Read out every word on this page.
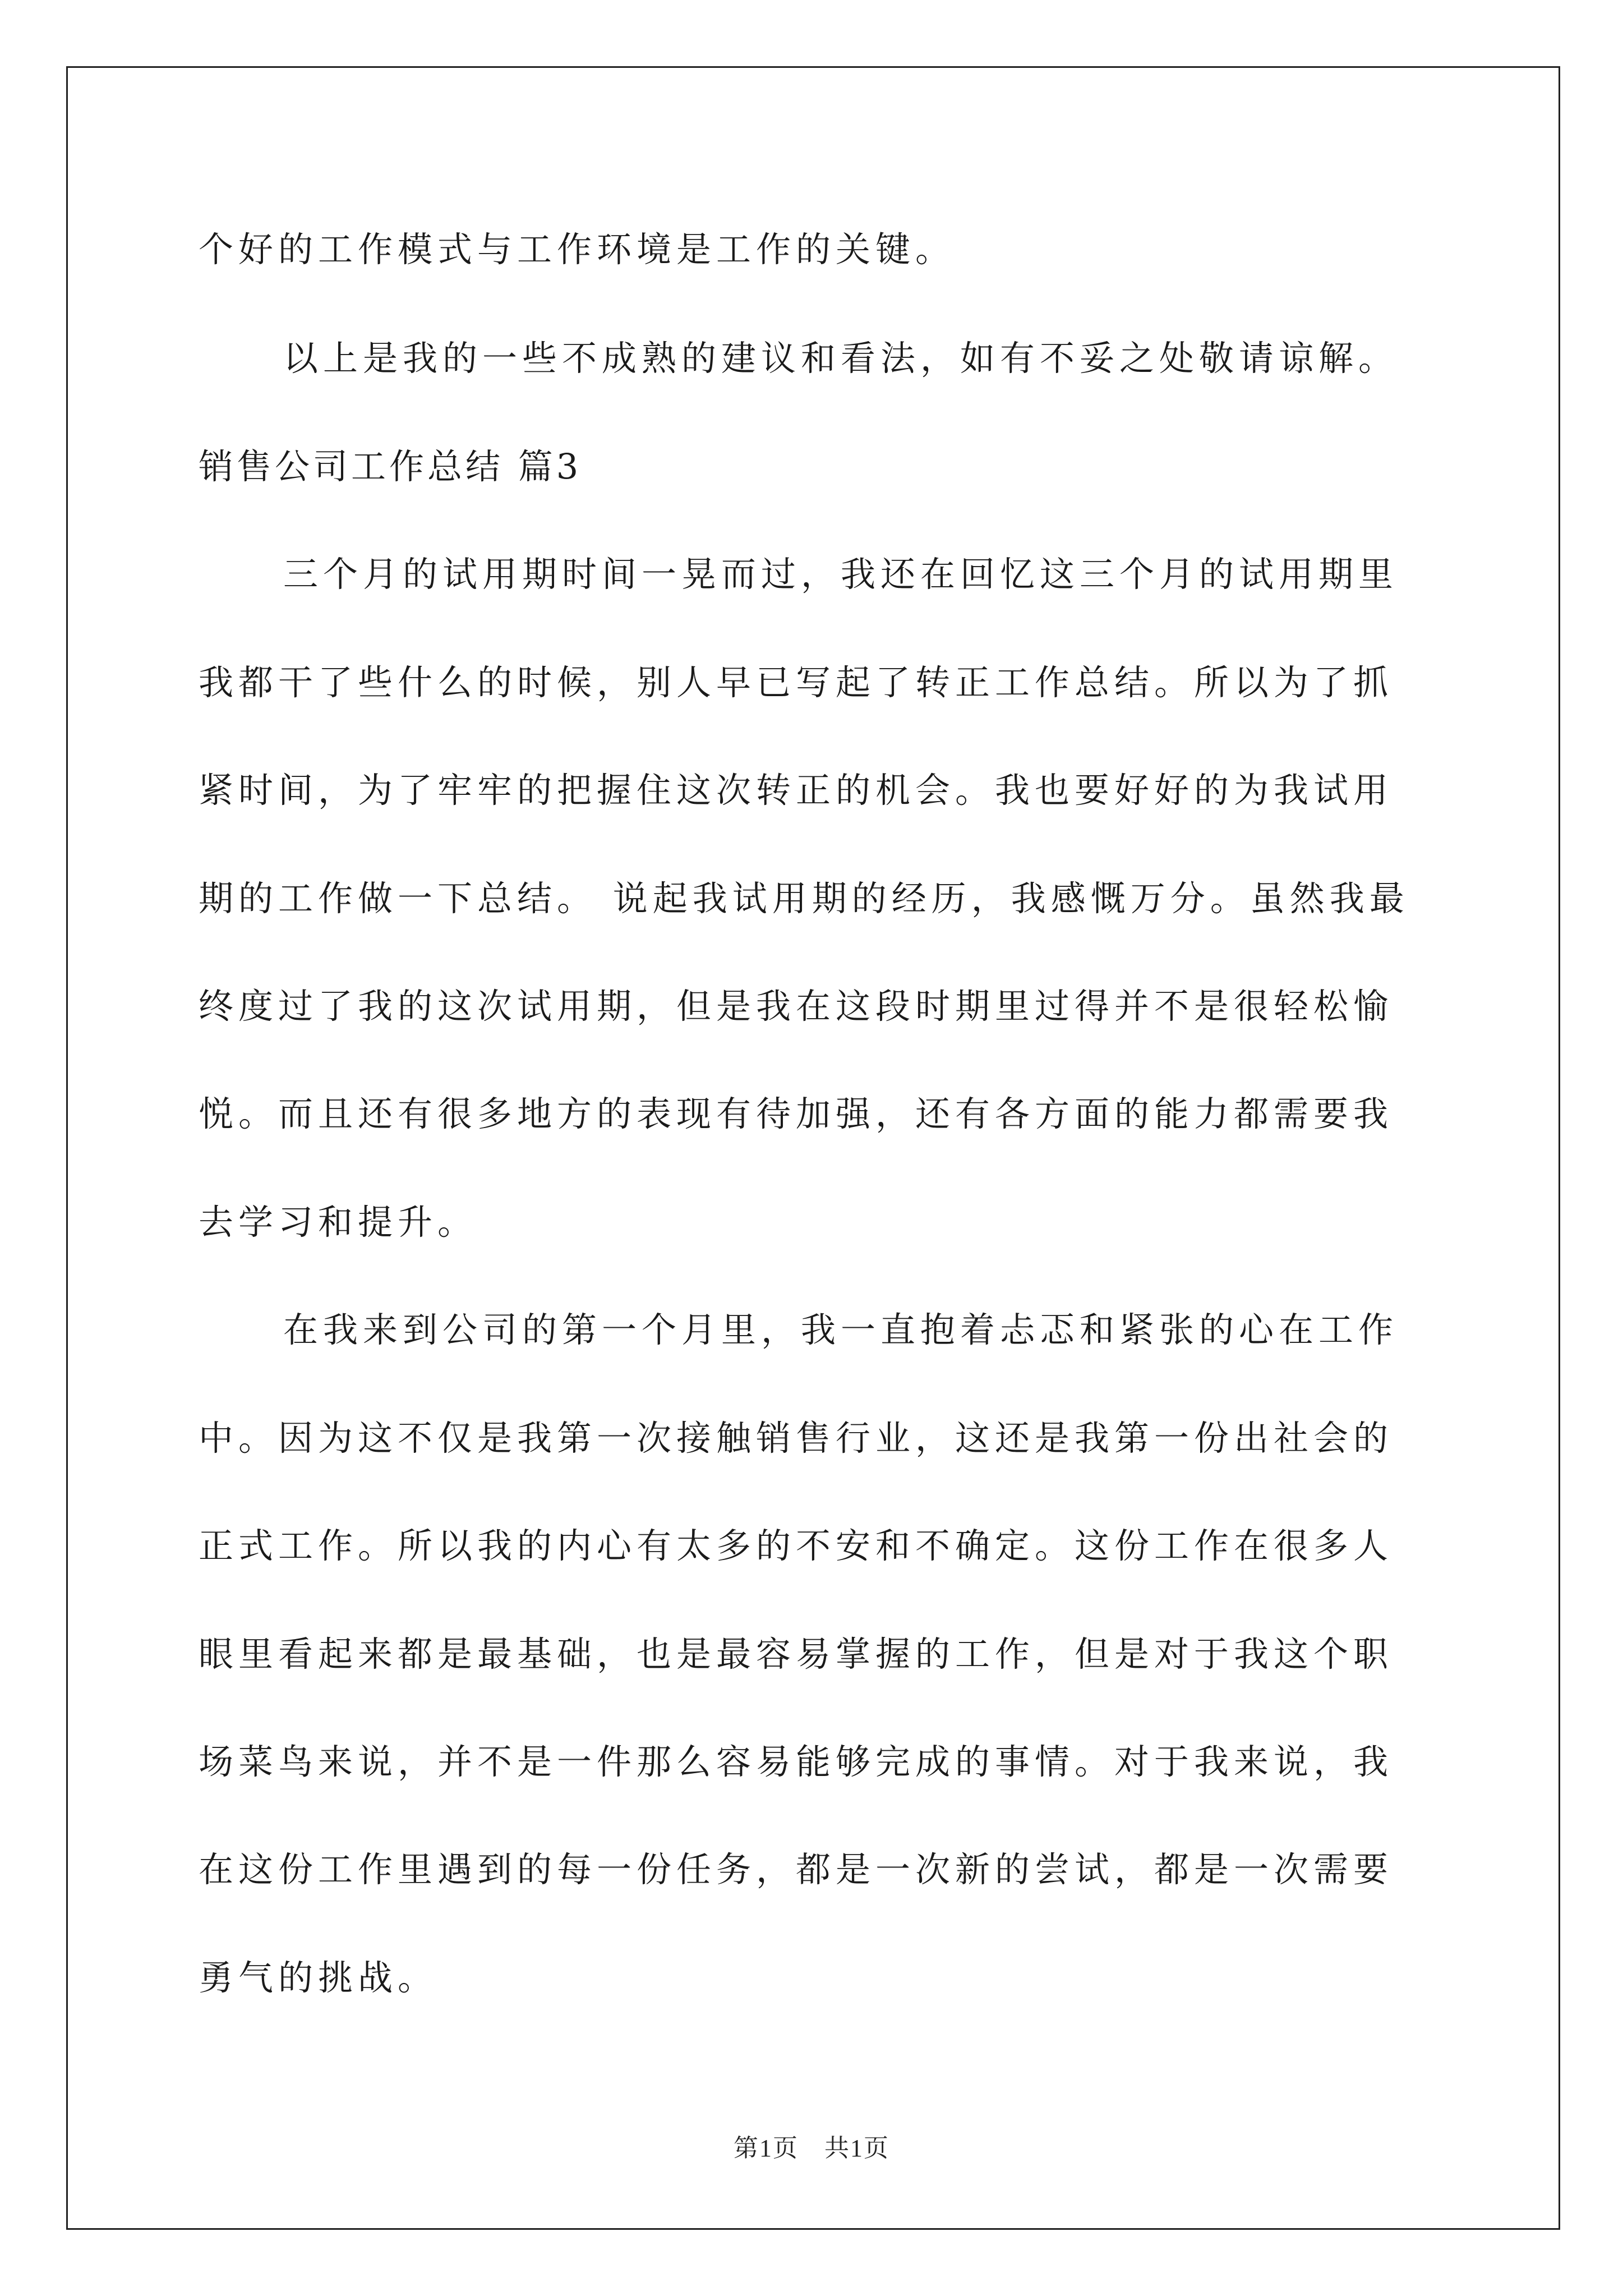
个好的工作模式与工作环境是工作的关键。
以上是我的一些不成熟的建议和看法，如有不妥之处敬请谅解。
销售公司工作总结 篇3
三个月的试用期时间一晃而过，我还在回忆这三个月的试用期里
我都干了些什么的时候，别人早已写起了转正工作总结。所以为了抓
紧时间，为了牢牢的把握住这次转正的机会。我也要好好的为我试用
期的工作做一下总结。 说起我试用期的经历，我感慨万分。虽然我最
终度过了我的这次试用期，但是我在这段时期里过得并不是很轻松愉
悦。而且还有很多地方的表现有待加强，还有各方面的能力都需要我
去学习和提升。
在我来到公司的第一个月里，我一直抱着忐忑和紧张的心在工作
中。因为这不仅是我第一次接触销售行业，这还是我第一份出社会的
正式工作。所以我的内心有太多的不安和不确定。这份工作在很多人
眼里看起来都是最基础，也是最容易掌握的工作，但是对于我这个职
场菜鸟来说，并不是一件那么容易能够完成的事情。对于我来说，我
在这份工作里遇到的每一份任务，都是一次新的尝试，都是一次需要
勇气的挑战。
第1页　共1页
